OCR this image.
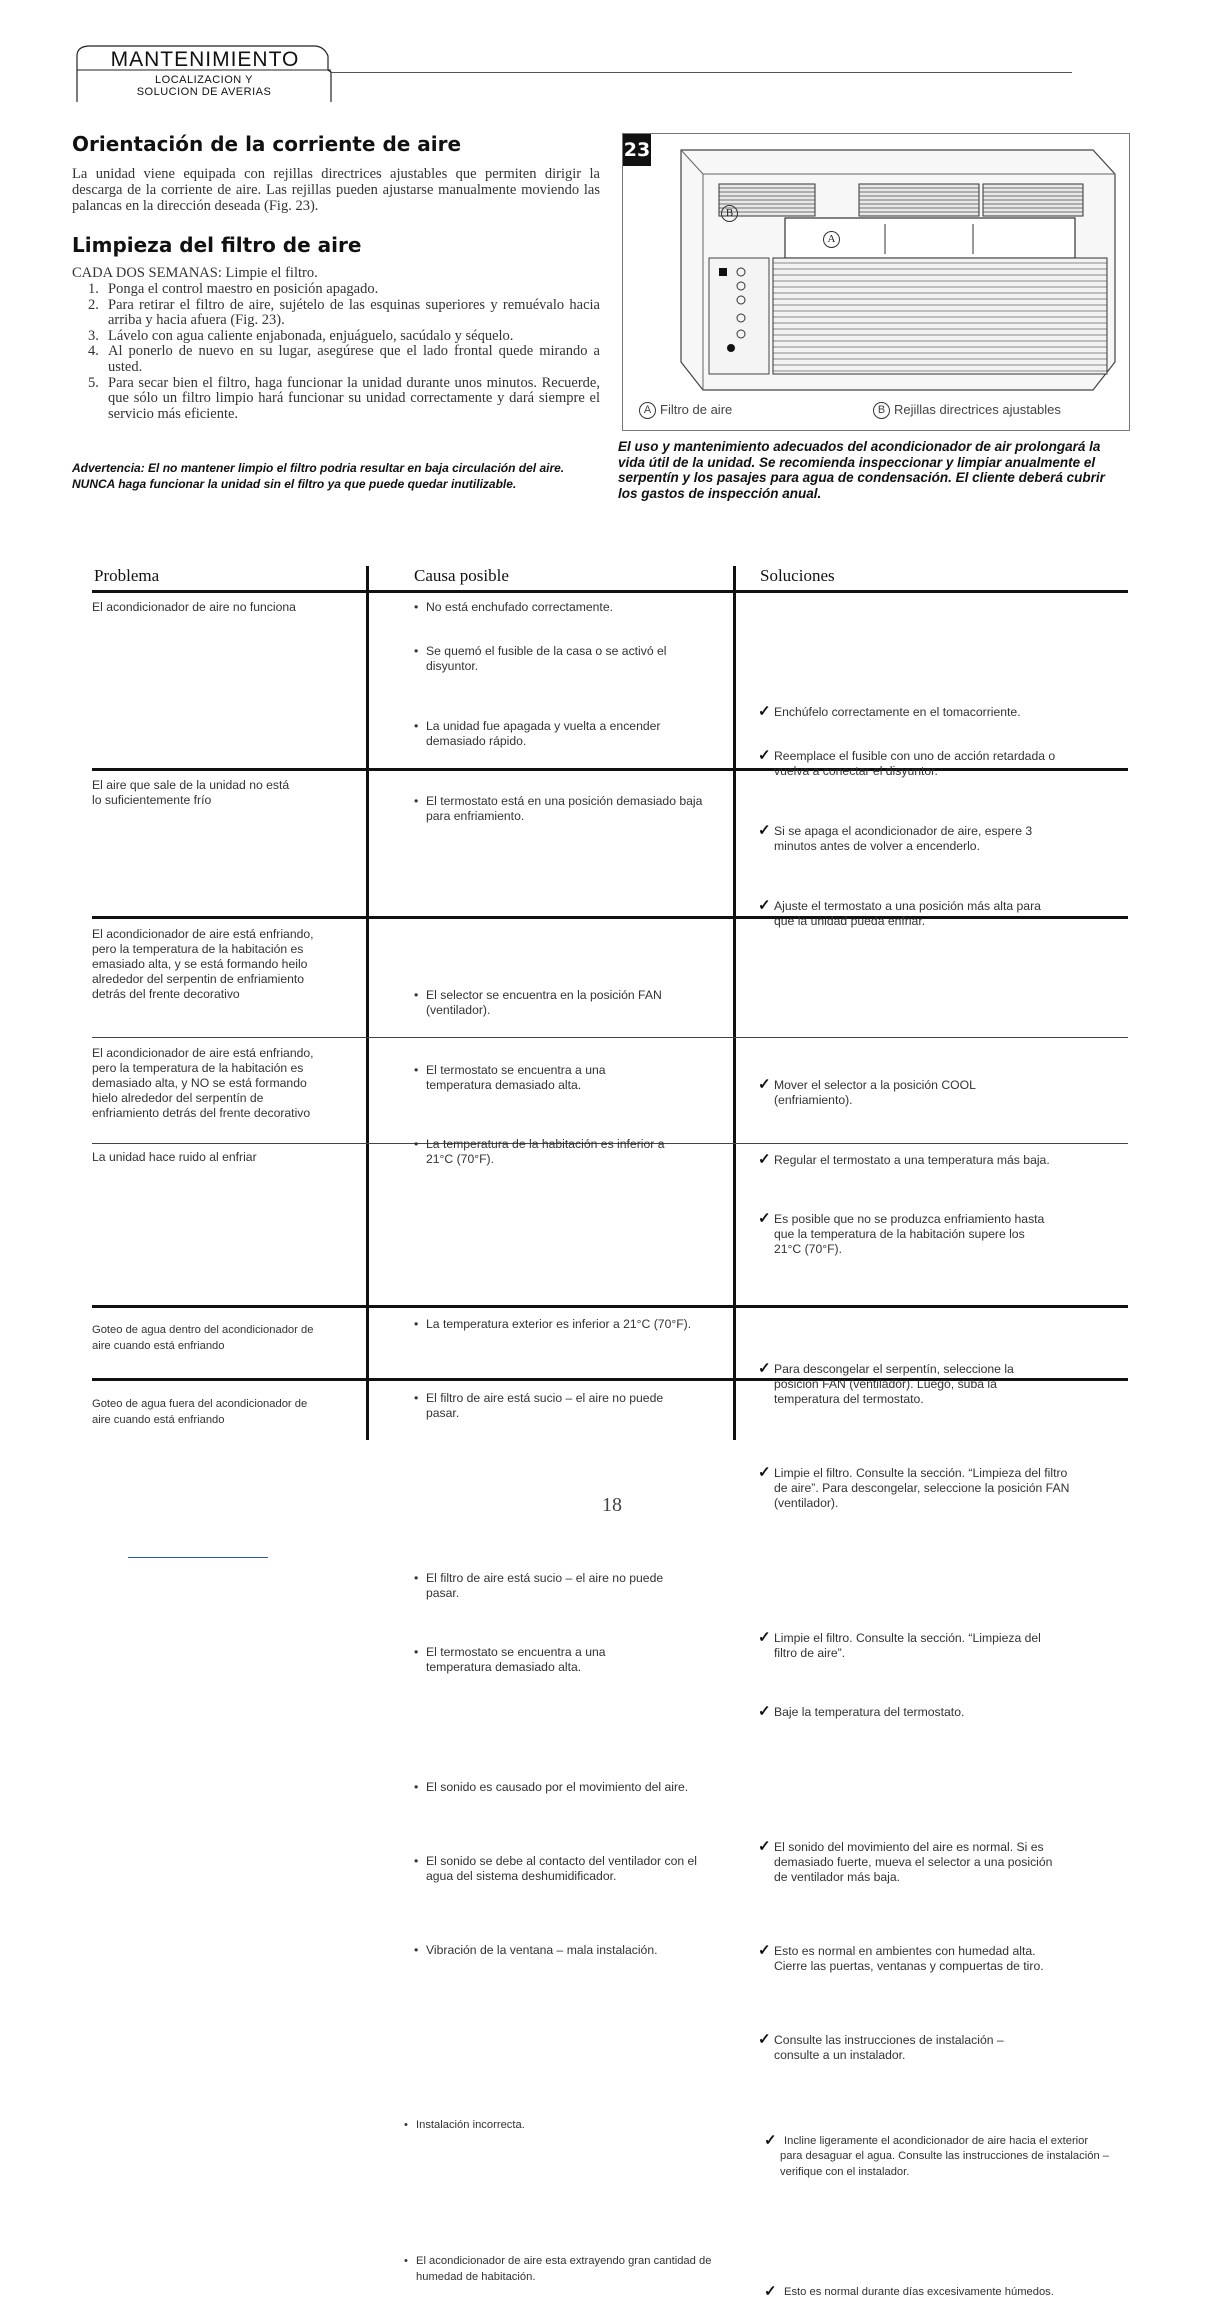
MANTENIMIENTO
LOCALIZACION Y
SOLUCION DE AVERIAS
Orientación de la corriente de aire
La unidad viene equipada con rejillas directrices ajustables que permiten dirigir la descarga de la corriente de aire. Las rejillas pueden ajustarse manualmente moviendo las palancas en la dirección deseada (Fig. 23).
Limpieza del filtro de aire
CADA DOS SEMANAS: Limpie el filtro.
1. Ponga el control maestro en posición apagado.
2. Para retirar el filtro de aire, sujételo de las esquinas superiores y remuévalo hacia arriba y hacia afuera (Fig. 23).
3. Lávelo con agua caliente enjabonada, enjuáguelo, sacúdalo y séquelo.
4. Al ponerlo de nuevo en su lugar, asegúrese que el lado frontal quede mirando a usted.
5. Para secar bien el filtro, haga funcionar la unidad durante unos minutos. Recuerde, que sólo un filtro limpio hará funcionar su unidad correctamente y dará siempre el servicio más eficiente.
Advertencia: El no mantener limpio el filtro podria resultar en baja circulación del aire. NUNCA haga funcionar la unidad sin el filtro ya que puede quedar inutilizable.
23
B
A
A Filtro de aire	B Rejillas directrices ajustables
El uso y mantenimiento adecuados del acondicionador de air prolongará la vida útil de la unidad. Se recomienda inspeccionar y limpiar anualmente el serpentín y los pasajes para agua de condensación. El cliente deberá cubrir los gastos de inspección anual.
Problema	Causa posible	Soluciones
El acondicionador de aire no funciona
•	No está enchufado correctamente.
• Se quemó el fusible de la casa o se activó el disyuntor.
• La unidad fue apagada y vuelta a encender demasiado rápido.
• El termostato está en una posición demasiado baja para enfriamiento.
✓ Enchúfelo correctamente en el tomacorriente.
✓ Reemplace el fusible con uno de acción retardada o vuelva a conectar el disyuntor.
✓ Si se apaga el acondicionador de aire, espere 3 minutos antes de volver a encenderlo.
✓ Ajuste el termostato a una posición más alta para que la unidad pueda enfriar.
El aire que sale de la unidad no está lo suficientemente frío
• El selector se encuentra en la posición FAN (ventilador).
• El termostato se encuentra a una temperatura demasiado alta.
• La temperatura de la habitación es inferior a 21°C (70°F).
✓ Mover el selector a la posición COOL (enfriamiento).
✓ Regular el termostato a una temperatura más baja.
✓ Es posible que no se produzca enfriamiento hasta que la temperatura de la habitación supere los 21°C (70°F).
El acondicionador de aire está enfriando, pero la temperatura de la habitación es emasiado alta, y se está formando heilo alrededor del serpentin de enfriamiento detrás del frente decorativo
• La temperatura exterior es inferior a 21°C (70°F).
• El filtro de aire está sucio – el aire no puede pasar.
✓ Para descongelar el serpentín, seleccione la posición FAN (ventilador). Luego, suba la temperatura del termostato.
✓ Limpie el filtro. Consulte la sección. “Limpieza del filtro de aire”. Para descongelar, seleccione la posición FAN (ventilador).
El acondicionador de aire está enfriando, pero la temperatura de la habitación es demasiado alta, y NO se está formando hielo alrededor del serpentín de enfriamiento detrás del frente decorativo
• El filtro de aire está sucio – el aire no puede pasar.
• El termostato se encuentra a una temperatura demasiado alta.
✓ Limpie el filtro. Consulte la sección. “Limpieza del filtro de aire”.
✓ Baje la temperatura del termostato.
La unidad hace ruido al enfriar
• El sonido es causado por el movimiento del aire.
• El sonido se debe al contacto del ventilador con el agua del sistema deshumidificador.
• Vibración de la ventana – mala instalación.
✓ El sonido del movimiento del aire es normal. Si es demasiado fuerte, mueva el selector a una posición de ventilador más baja.
✓ Esto es normal en ambientes con humedad alta. Cierre las puertas, ventanas y compuertas de tiro.
✓ Consulte las instrucciones de instalación – consulte a un instalador.
Goteo de agua dentro del acondicionador de aire cuando está enfriando
• Instalación incorrecta.
✓ Incline ligeramente el acondicionador de aire hacia el exterior para desaguar el agua. Consulte las instrucciones de instalación – verifique con el instalador.
Goteo de agua fuera del acondicionador de aire cuando está enfriando
• El acondicionador de aire esta extrayendo gran cantidad de humedad de habitación.
✓ Esto es normal durante días excesivamente húmedos.
18
